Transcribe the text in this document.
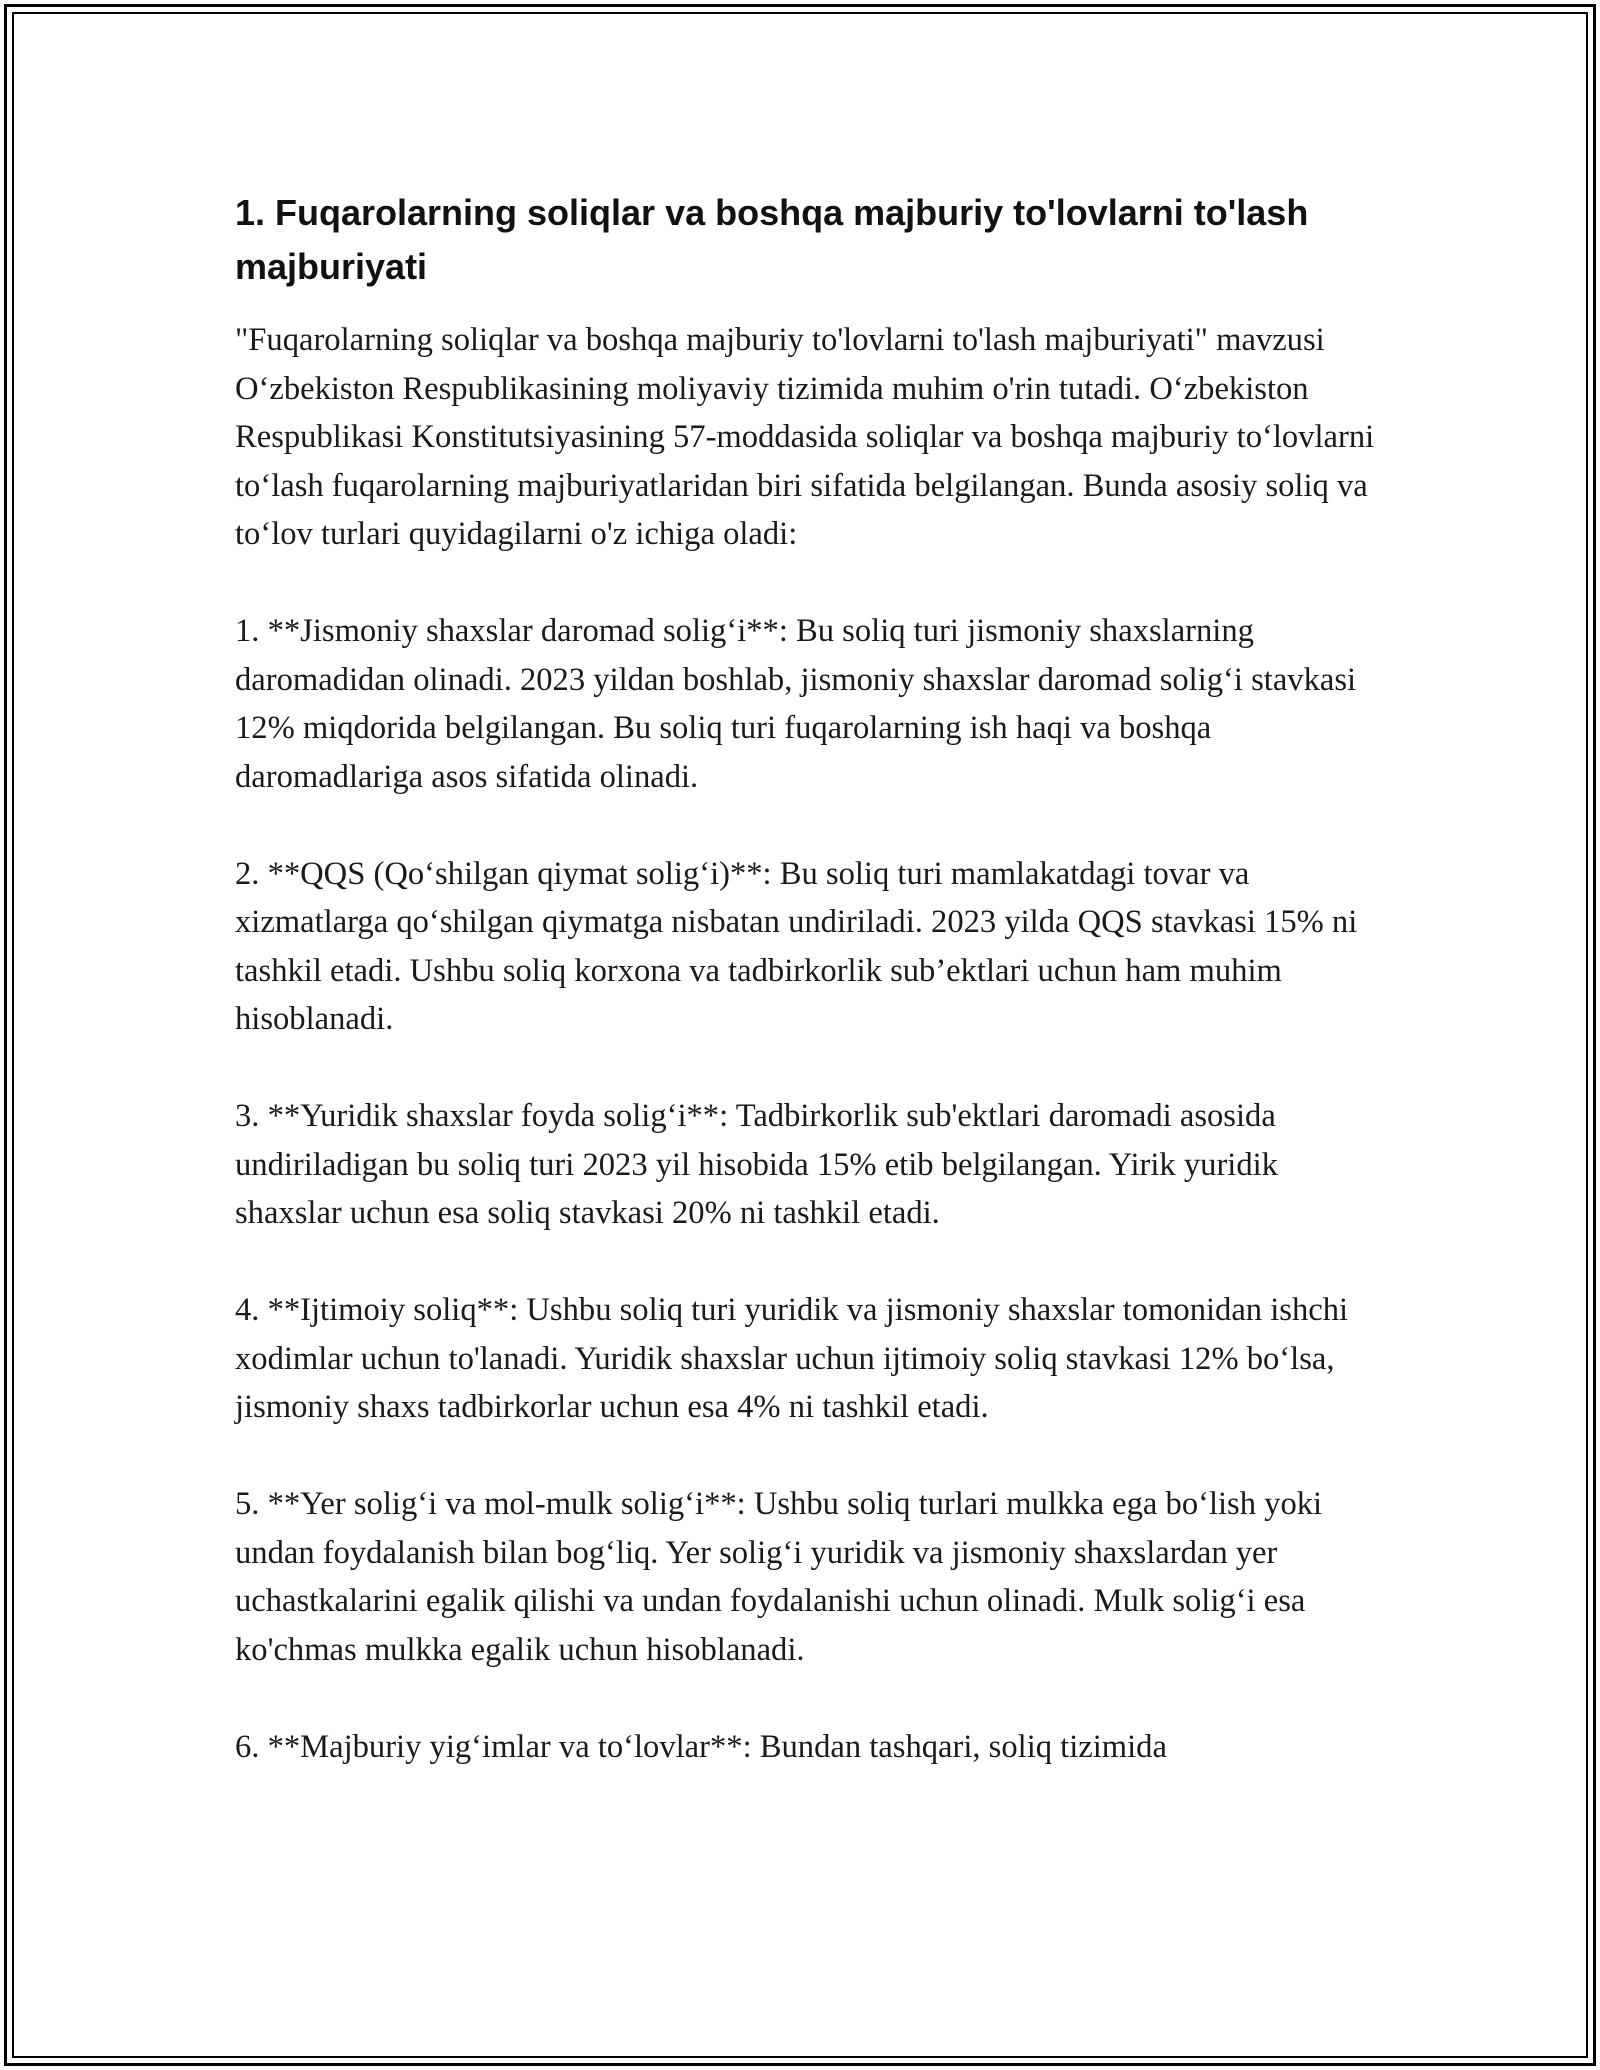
1. Fuqarolarning soliqlar va boshqa majburiy to'lovlarni to'lash majburiyati

"Fuqarolarning soliqlar va boshqa majburiy to'lovlarni to'lash majburiyati" mavzusi O‘zbekiston Respublikasining moliyaviy tizimida muhim o'rin tutadi. O‘zbekiston Respublikasi Konstitutsiyasining 57-moddasida soliqlar va boshqa majburiy to‘lovlarni to‘lash fuqarolarning majburiyatlaridan biri sifatida belgilangan. Bunda asosiy soliq va to‘lov turlari quyidagilarni o'z ichiga oladi:

1. **Jismoniy shaxslar daromad solig‘i**: Bu soliq turi jismoniy shaxslarning daromadidan olinadi. 2023 yildan boshlab, jismoniy shaxslar daromad solig‘i stavkasi 12% miqdorida belgilangan. Bu soliq turi fuqarolarning ish haqi va boshqa daromadlariga asos sifatida olinadi.

2. **QQS (Qo‘shilgan qiymat solig‘i)**: Bu soliq turi mamlakatdagi tovar va xizmatlarga qo‘shilgan qiymatga nisbatan undiriladi. 2023 yilda QQS stavkasi 15% ni tashkil etadi. Ushbu soliq korxona va tadbirkorlik sub’ektlari uchun ham muhim hisoblanadi.

3. **Yuridik shaxslar foyda solig‘i**: Tadbirkorlik sub'ektlari daromadi asosida undiriladigan bu soliq turi 2023 yil hisobida 15% etib belgilangan. Yirik yuridik shaxslar uchun esa soliq stavkasi 20% ni tashkil etadi.

4. **Ijtimoiy soliq**: Ushbu soliq turi yuridik va jismoniy shaxslar tomonidan ishchi xodimlar uchun to'lanadi. Yuridik shaxslar uchun ijtimoiy soliq stavkasi 12% bo‘lsa, jismoniy shaxs tadbirkorlar uchun esa 4% ni tashkil etadi.

5. **Yer solig‘i va mol-mulk solig‘i**: Ushbu soliq turlari mulkka ega bo‘lish yoki undan foydalanish bilan bog‘liq. Yer solig‘i yuridik va jismoniy shaxslardan yer uchastkalarini egalik qilishi va undan foydalanishi uchun olinadi. Mulk solig‘i esa ko'chmas mulkka egalik uchun hisoblanadi.

6. **Majburiy yig‘imlar va to‘lovlar**: Bundan tashqari, soliq tizimida
